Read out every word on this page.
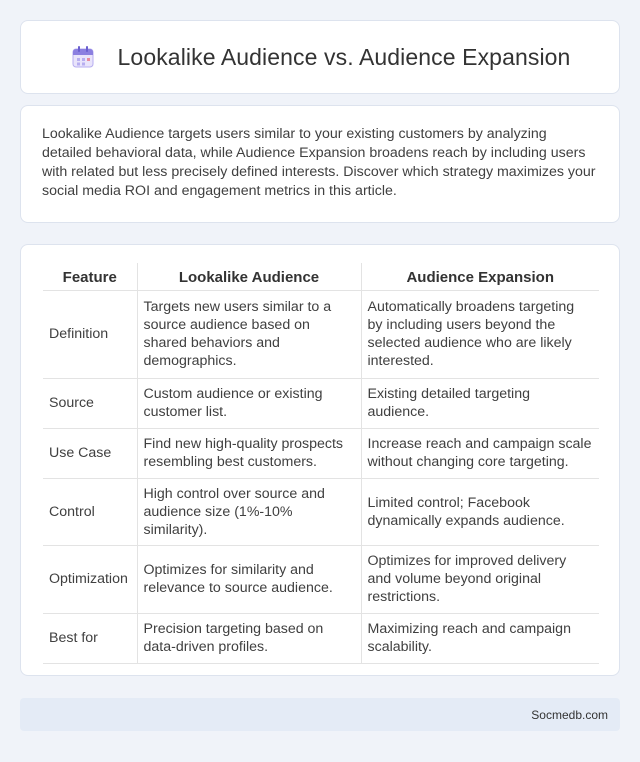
Lookalike Audience vs. Audience Expansion

Lookalike Audience targets users similar to your existing customers by analyzing detailed behavioral data, while Audience Expansion broadens reach by including users with related but less precisely defined interests. Discover which strategy maximizes your social media ROI and engagement metrics in this article.

Feature	Lookalike Audience	Audience Expansion
Definition	Targets new users similar to a source audience based on shared behaviors and demographics.	Automatically broadens targeting by including users beyond the selected audience who are likely interested.
Source	Custom audience or existing customer list.	Existing detailed targeting audience.
Use Case	Find new high-quality prospects resembling best customers.	Increase reach and campaign scale without changing core targeting.
Control	High control over source and audience size (1%-10% similarity).	Limited control; Facebook dynamically expands audience.
Optimization	Optimizes for similarity and relevance to source audience.	Optimizes for improved delivery and volume beyond original restrictions.
Best for	Precision targeting based on data-driven profiles.	Maximizing reach and campaign scalability.
Socmedb.com
